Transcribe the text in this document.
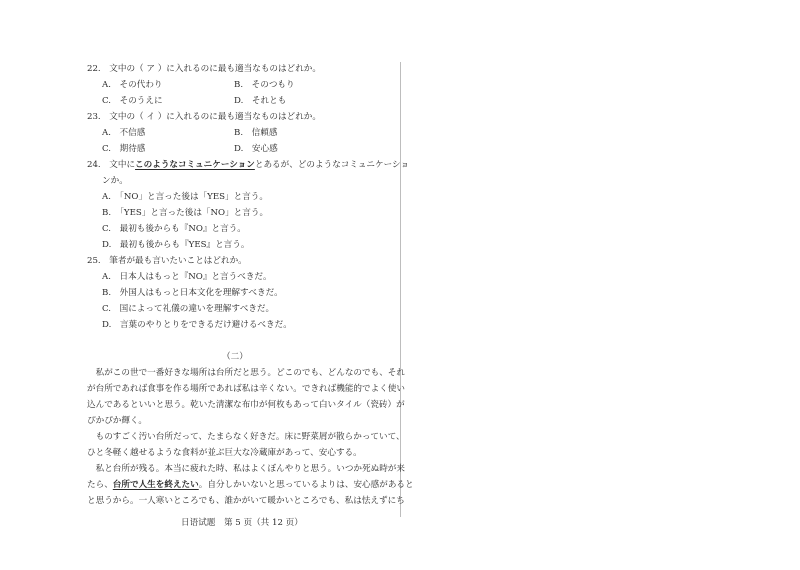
22.　文中の（ ア ）に入れるのに最も適当なものはどれか。
A.　その代わり	B.　そのつもり
C.　そのうえに	D.　それとも
23.　文中の（ イ ）に入れるのに最も適当なものはどれか。
A.　不信感	B.　信頼感
C.　期待感	D.　安心感
24.　文中にこのようなコミュニケーションとあるが、どのようなコミュニケーショ
ンか。
A.　「NO」と言った後は「YES」と言う。
B.　「YES」と言った後は「NO」と言う。
C.　最初も後からも『NO』と言う。
D.　最初も後からも『YES』と言う。
25.　筆者が最も言いたいことはどれか。
A.　日本人はもっと『NO』と言うべきだ。
B.　外国人はもっと日本文化を理解すべきだ。
C.　国によって礼儀の違いを理解すべきだ。
D.　言葉のやりとりをできるだけ避けるべきだ。
（二）
　私がこの世で一番好きな場所は台所だと思う。どこのでも、どんなのでも、それ
が台所であれば食事を作る場所であれば私は辛くない。できれば機能的でよく使い
込んであるといいと思う。乾いた清潔な布巾が何枚もあって白いタイル（瓷砖）が
ぴかぴか輝く。
　ものすごく汚い台所だって、たまらなく好きだ。床に野菜屑が散らかっていて、
ひと冬軽く越せるような食料が並ぶ巨大な冷蔵庫があって、安心する。
　私と台所が残る。本当に疲れた時、私はよくぼんやりと思う。いつか死ぬ時が来
たら、台所で人生を終えたい。自分しかいないと思っているよりは、安心感があると
と思うから。一人寒いところでも、誰かがいて暖かいところでも、私は怯えずにち
日语试题　第 5 页（共 12 页）
